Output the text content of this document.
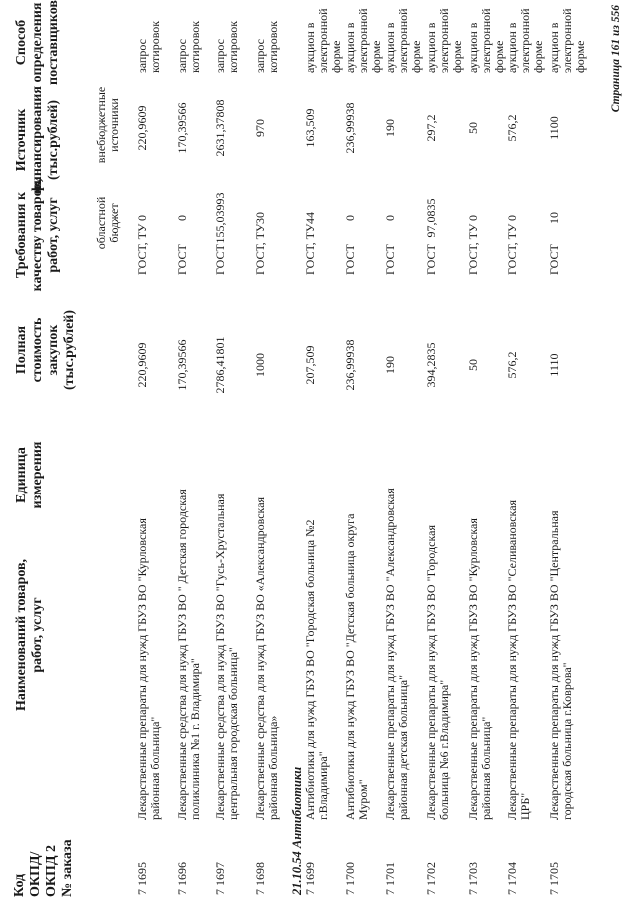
Код
ОКПД/
ОКПД 2
№ заказа
Наименований товаров,
работ, услуг
Единица
измерения
Полная
стоимость
закупок
(тыс.рублей)
Требования к
качеству товаров,
работ, услуг
Источник
финансирования
(тыс.рублей)
Способ
определения
поставщиков
областной
бюджет
внебюджетные
источники
7 1695
Лекарственные препараты для нужд ГБУЗ ВО "Курловская районная больница"
220,9609
ГОСТ, ТУ
0
220,9609
запрос котировок
7 1696
Лекарственные средства для нужд ГБУЗ ВО " Детская городская поликлиника №1 г. Владимира"
170,39566
ГОСТ
0
170,39566
запрос котировок
7 1697
Лекарственные средства для нужд ГБУЗ ВО "Гусь-Хрустальная центральная городская больница"
2786,41801
ГОСТ
155,03993
2631,37808
запрос котировок
7 1698
Лекарственные средства для нужд ГБУЗ ВО «Александровская районная больница»
1000
ГОСТ, ТУ
30
970
запрос котировок
7 1699
Антибиотики для нужд ГБУЗ ВО "Городская больница №2 г.Владимира"
207,509
ГОСТ, ТУ
44
163,509
аукцион в электронной форме
7 1700
Антибиотики для нужд ГБУЗ ВО "Детская больница округа Муром"
236,99938
ГОСТ
0
236,99938
аукцион в электронной форме
7 1701
Лекарственные препараты для нужд ГБУЗ ВО "Александровская районная детская больница"
190
ГОСТ
0
190
аукцион в электронной форме
7 1702
Лекарственные препараты для нужд ГБУЗ ВО "Городская больница №6 г.Владимира"
394,2835
ГОСТ
97,0835
297,2
аукцион в электронной форме
7 1703
Лекарственные препараты для нужд ГБУЗ ВО "Курловская районная больница"
50
ГОСТ, ТУ
0
50
аукцион в электронной форме
7 1704
Лекарственные препараты для нужд ГБУЗ ВО "Селивановская ЦРБ"
576,2
ГОСТ, ТУ
0
576,2
аукцион в электронной форме
7 1705
Лекарственные препараты для нужд ГБУЗ ВО "Центральная городская больница г.Коврова"
1110
ГОСТ
10
1100
аукцион в электронной форме
21.10.54 Антибиотики
Страница 161 из 556
